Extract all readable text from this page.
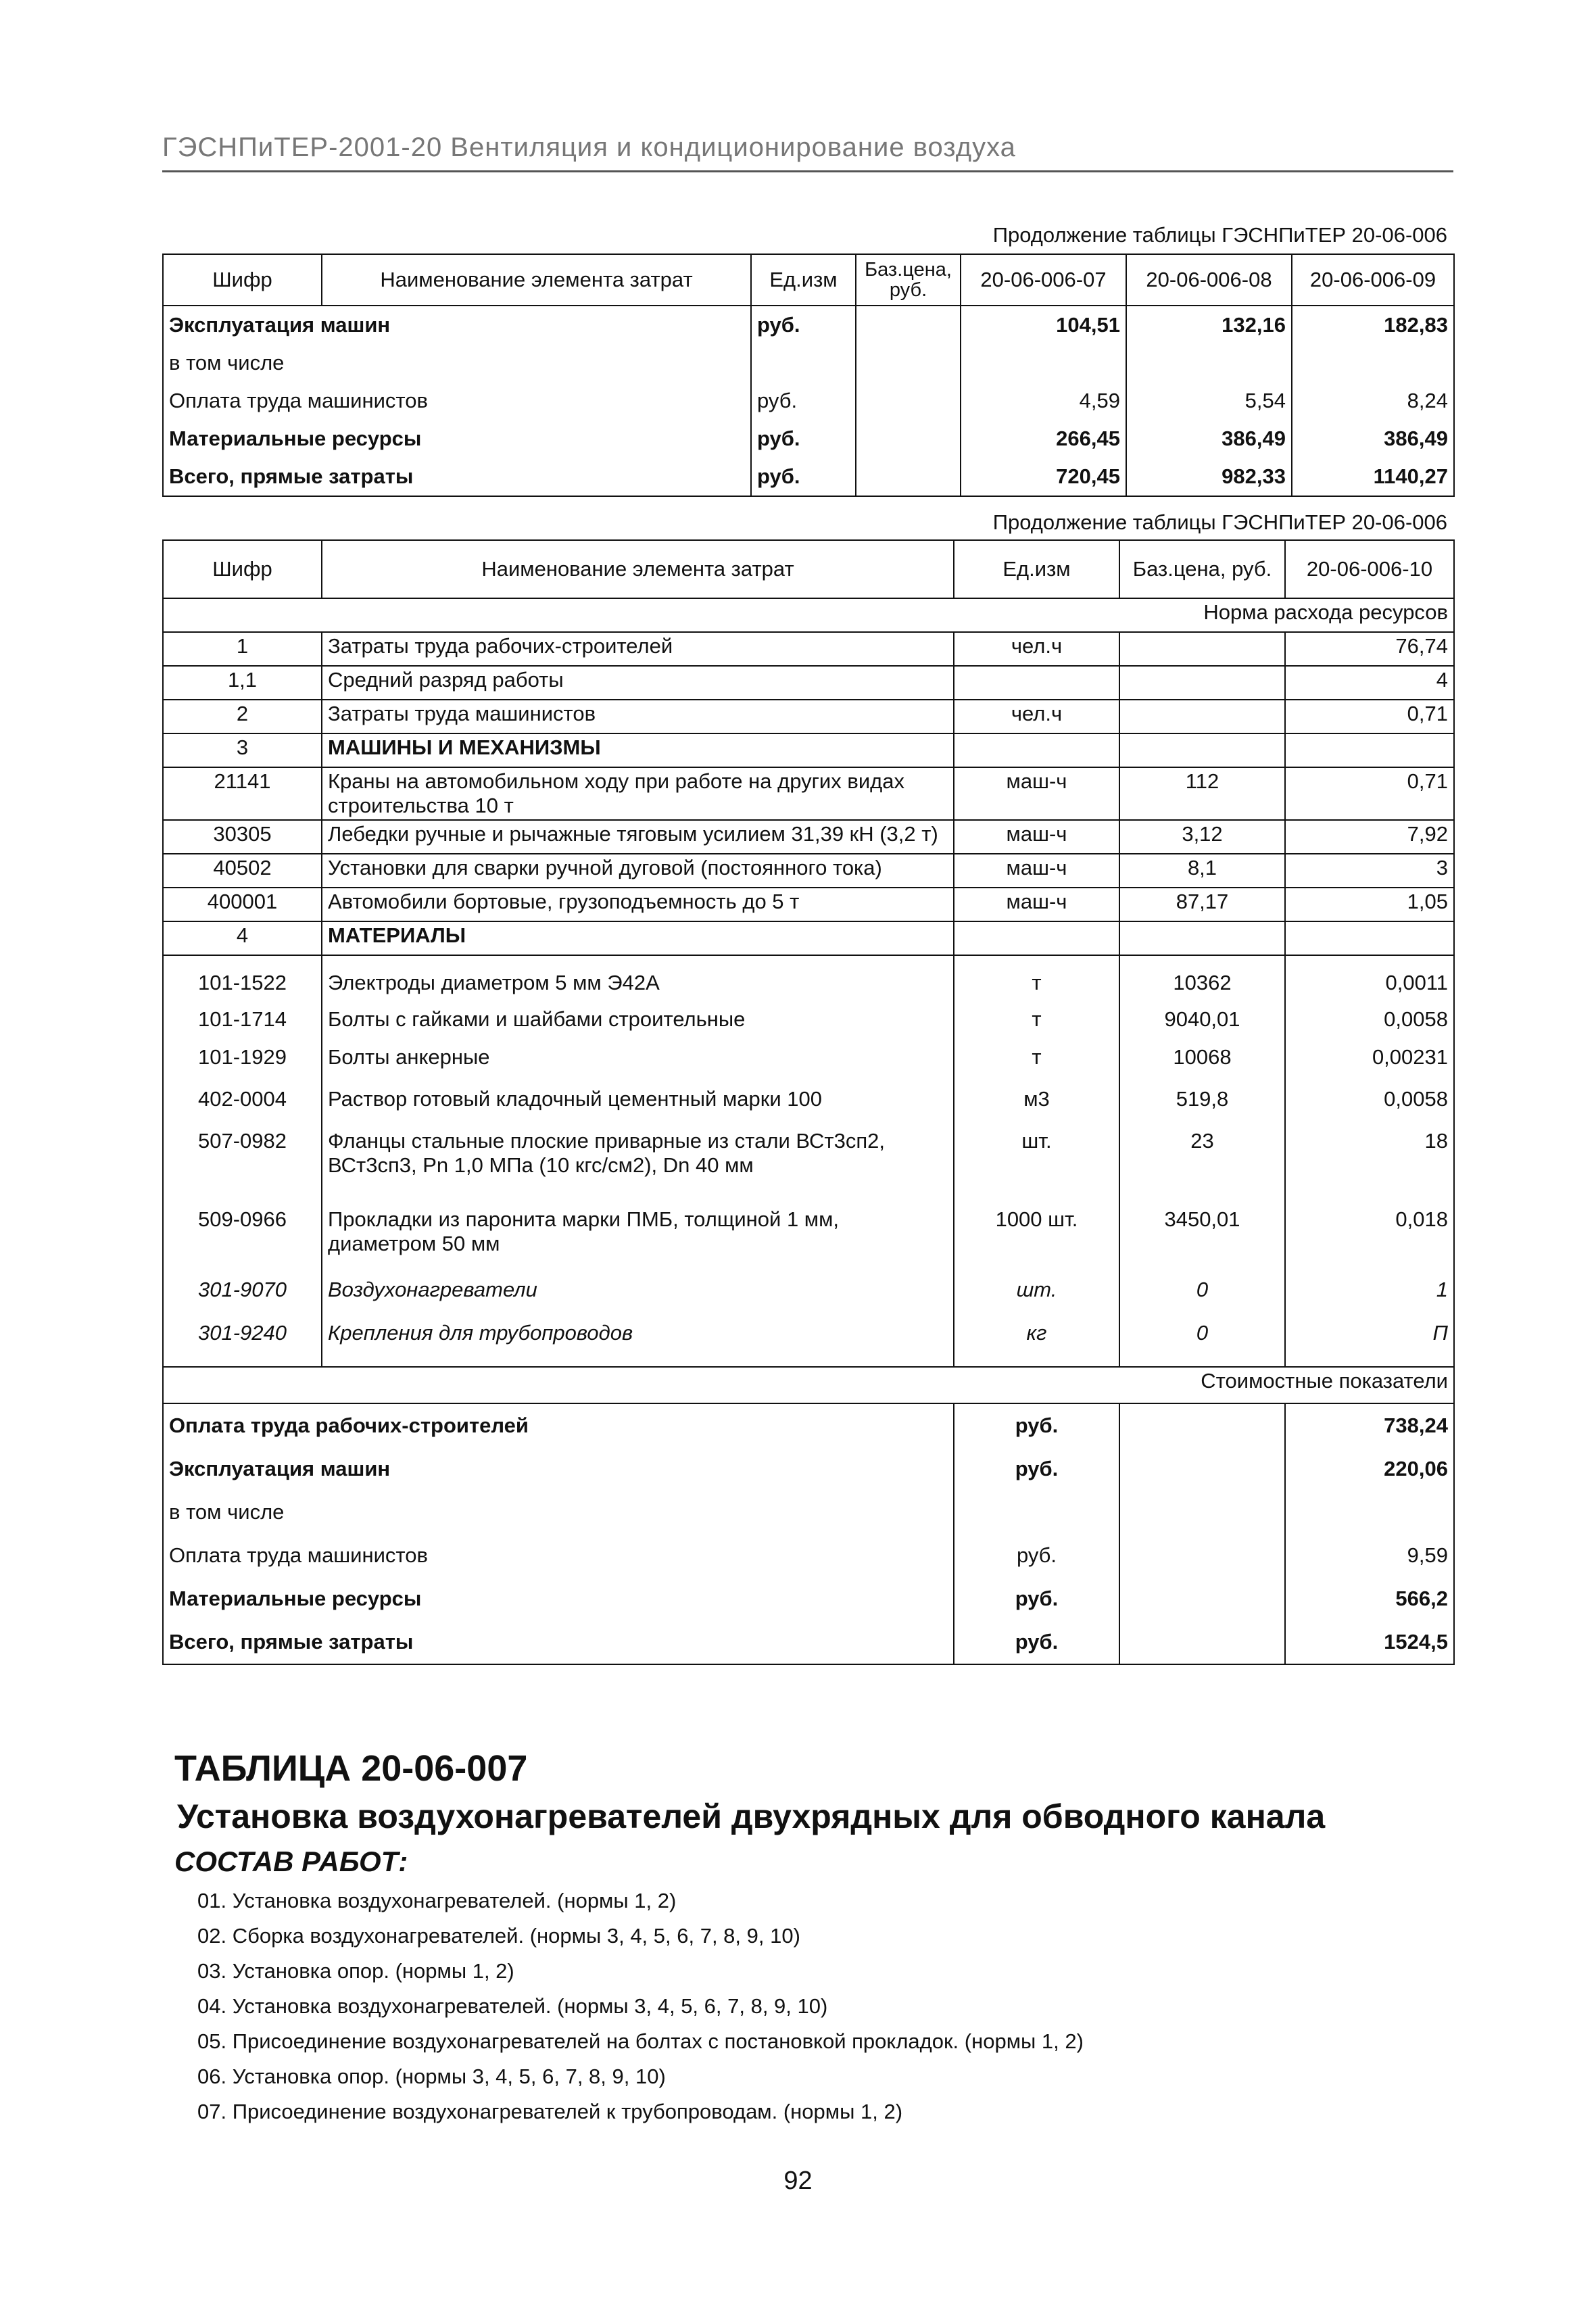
ГЭСНПиТЕР-2001-20 Вентиляция и кондиционирование воздуха
Продолжение таблицы ГЭСНПиТЕР 20-06-006
Шифр	Наименование элемента затрат	Ед.изм	Баз.цена, руб.	20-06-006-07	20-06-006-08	20-06-006-09
Эксплуатация машин		руб.		104,51	132,16	182,83
в том числе						
Оплата труда машинистов		руб.		4,59	5,54	8,24
Материальные ресурсы		руб.		266,45	386,49	386,49
Всего, прямые затраты		руб.		720,45	982,33	1140,27
Продолжение таблицы ГЭСНПиТЕР 20-06-006
Шифр	Наименование элемента затрат	Ед.изм	Баз.цена, руб.	20-06-006-10
Норма расхода ресурсов				
1	Затраты труда рабочих-строителей	чел.ч		76,74
1,1	Средний разряд работы			4
2	Затраты труда машинистов	чел.ч		0,71
3	МАШИНЫ И МЕХАНИЗМЫ			
21141	Краны на автомобильном ходу при работе на других видах строительства 10 т	маш-ч	112	0,71
30305	Лебедки ручные и рычажные тяговым усилием 31,39 кН (3,2 т)	маш-ч	3,12	7,92
40502	Установки для сварки ручной дуговой (постоянного тока)	маш-ч	8,1	3
400001	Автомобили бортовые, грузоподъемность до 5 т	маш-ч	87,17	1,05
4	МАТЕРИАЛЫ			
101-1522	Электроды диаметром 5 мм Э42А	т	10362	0,0011
101-1714	Болты с гайками и шайбами строительные	т	9040,01	0,0058
101-1929	Болты анкерные	т	10068	0,00231
402-0004	Раствор готовый кладочный цементный марки 100	м3	519,8	0,0058
507-0982	Фланцы стальные плоские приварные из стали ВСт3сп2, ВСт3сп3, Рn 1,0 МПа (10 кгс/см2), Dn 40 мм	шт.	23	18
509-0966	Прокладки из паронита марки ПМБ, толщиной 1 мм, диаметром 50 мм	1000 шт.	3450,01	0,018
301-9070	Воздухонагреватели	шт.	0	1
301-9240	Крепления для трубопроводов	кг	0	П
Стоимостные показатели				
Оплата труда рабочих-строителей		руб.		738,24
Эксплуатация машин		руб.		220,06
в том числе				
Оплата труда машинистов		руб.		9,59
Материальные ресурсы		руб.		566,2
Всего, прямые затраты		руб.		1524,5
ТАБЛИЦА 20-06-007
Установка воздухонагревателей двухрядных для обводного канала
СОСТАВ РАБОТ:
01. Установка воздухонагревателей. (нормы 1, 2)
02. Сборка воздухонагревателей. (нормы 3, 4, 5, 6, 7, 8, 9, 10)
03. Установка опор. (нормы 1, 2)
04. Установка воздухонагревателей. (нормы 3, 4, 5, 6, 7, 8, 9, 10)
05. Присоединение воздухонагревателей на болтах с постановкой прокладок. (нормы 1, 2)
06. Установка опор. (нормы 3, 4, 5, 6, 7, 8, 9, 10)
07. Присоединение воздухонагревателей к трубопроводам. (нормы 1, 2)
92
